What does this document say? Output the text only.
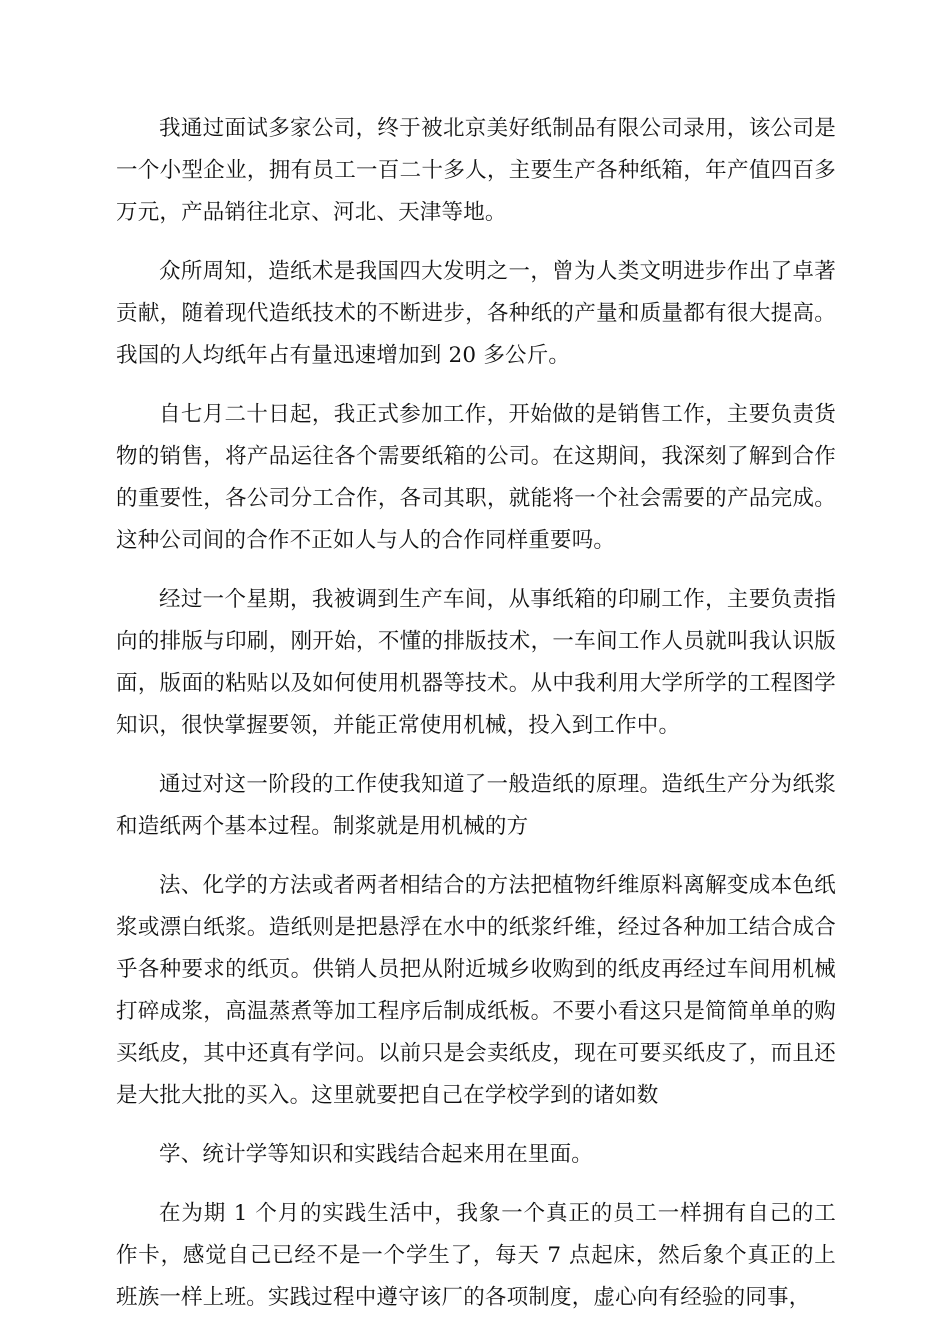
我通过面试多家公司，终于被北京美好纸制品有限公司录用，该公司是一个小型企业，拥有员工一百二十多人，主要生产各种纸箱，年产值四百多万元，产品销往北京、河北、天津等地。

众所周知，造纸术是我国四大发明之一，曾为人类文明进步作出了卓著贡献，随着现代造纸技术的不断进步，各种纸的产量和质量都有很大提高。我国的人均纸年占有量迅速增加到 20 多公斤。

自七月二十日起，我正式参加工作，开始做的是销售工作，主要负责货物的销售，将产品运往各个需要纸箱的公司。在这期间，我深刻了解到合作的重要性，各公司分工合作，各司其职，就能将一个社会需要的产品完成。这种公司间的合作不正如人与人的合作同样重要吗。

经过一个星期，我被调到生产车间，从事纸箱的印刷工作，主要负责指向的排版与印刷，刚开始，不懂的排版技术，一车间工作人员就叫我认识版面，版面的粘贴以及如何使用机器等技术。从中我利用大学所学的工程图学知识，很快掌握要领，并能正常使用机械，投入到工作中。

通过对这一阶段的工作使我知道了一般造纸的原理。造纸生产分为纸浆和造纸两个基本过程。制浆就是用机械的方

法、化学的方法或者两者相结合的方法把植物纤维原料离解变成本色纸浆或漂白纸浆。造纸则是把悬浮在水中的纸浆纤维，经过各种加工结合成合乎各种要求的纸页。供销人员把从附近城乡收购到的纸皮再经过车间用机械打碎成浆，高温蒸煮等加工程序后制成纸板。不要小看这只是简简单单的购买纸皮，其中还真有学问。以前只是会卖纸皮，现在可要买纸皮了，而且还是大批大批的买入。这里就要把自己在学校学到的诸如数

学、统计学等知识和实践结合起来用在里面。

在为期 1 个月的实践生活中，我象一个真正的员工一样拥有自己的工作卡，感觉自己已经不是一个学生了，每天 7 点起床，然后象个真正的上班族一样上班。实践过程中遵守该厂的各项制度，虚心向有经验的同事，
